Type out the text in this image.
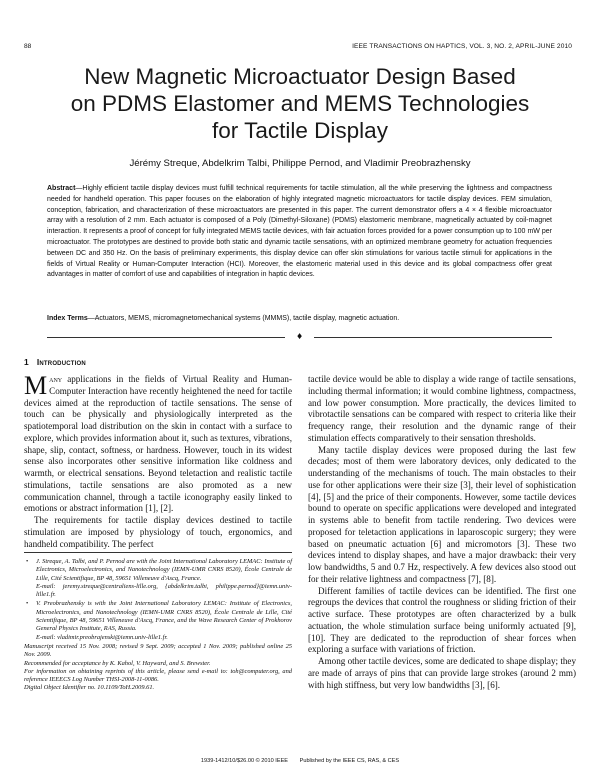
88	IEEE TRANSACTIONS ON HAPTICS, VOL. 3, NO. 2, APRIL-JUNE 2010
New Magnetic Microactuator Design Based
on PDMS Elastomer and MEMS Technologies
for Tactile Display
Jérémy Streque, Abdelkrim Talbi, Philippe Pernod, and Vladimir Preobrazhensky
Abstract—Highly efficient tactile display devices must fulfill technical requirements for tactile stimulation, all the while preserving the lightness and compactness needed for handheld operation. This paper focuses on the elaboration of highly integrated magnetic microactuators for tactile display devices. FEM simulation, conception, fabrication, and characterization of these microactuators are presented in this paper. The current demonstrator offers a 4 × 4 flexible microactuator array with a resolution of 2 mm. Each actuator is composed of a Poly (Dimethyl-Siloxane) (PDMS) elastomeric membrane, magnetically actuated by coil-magnet interaction. It represents a proof of concept for fully integrated MEMS tactile devices, with fair actuation forces provided for a power consumption up to 100 mW per microactuator. The prototypes are destined to provide both static and dynamic tactile sensations, with an optimized membrane geometry for actuation frequencies between DC and 350 Hz. On the basis of preliminary experiments, this display device can offer skin stimulations for various tactile stimuli for applications in the fields of Virtual Reality or Human-Computer Interaction (HCI). Moreover, the elastomeric material used in this device and its global compactness offer great advantages in matter of comfort of use and capabilities of integration in haptic devices.
Index Terms—Actuators, MEMS, micromagnetomechanical systems (MMMS), tactile display, magnetic actuation.
♦
1 Introduction

Many applications in the fields of Virtual Reality and Human-Computer Interaction have recently heightened the need for tactile devices aimed at the reproduction of tactile sensations. The sense of touch can be physically and physiologically interpreted as the spatiotemporal load distribution on the skin in contact with a surface to explore, which provides information about it, such as textures, vibrations, shape, slip, contact, softness, or hardness. However, touch in its widest sense also incorporates other sensitive information like coldness and warmth, or electrical sensations. Beyond teletaction and realistic tactile stimulations, tactile sensations are also promoted as a new communication channel, through a tactile iconography easily linked to emotions or abstract information [1], [2].

The requirements for tactile display devices destined to tactile stimulation are imposed by physiology of touch, ergonomics, and handheld compatibility. The perfect

• J. Streque, A. Talbi, and P. Pernod are with the Joint International Laboratory LEMAC: Institute of Electronics, Microelectronics, and Nanotechnology (IEMN-UMR CNRS 8520), École Centrale de Lille, Cité Scientifique, BP 48, 59651 Villeneuve d'Ascq, France.
E-mail: jeremy.streque@centraliens-lille.org, {abdelkrim.talbi, philippe.pernod}@iemn.univ-lille1.fr.
• V. Preobrazhensky is with the Joint International Laboratory LEMAC: Institute of Electronics, Microelectronics, and Nanotechnology (IEMN-UMR CNRS 8520), École Centrale de Lille, Cité Scientifique, BP 48, 59651 Villeneuve d'Ascq, France, and the Wave Research Center of Prokhorov General Physics Institute, RAS, Russia.
E-mail: vladimir.preobrajenski@iemn.univ-lille1.fr.

Manuscript received 15 Nov. 2008; revised 9 Sept. 2009; accepted 1 Nov. 2009; published online 25 Nov. 2009.

Recommended for acceptance by K. Kahol, V. Hayward, and S. Brewster.

For information on obtaining reprints of this article, please send e-mail to: toh@computer.org, and reference IEEECS Log Number THSI-2008-11-0086.

Digital Object Identifier no. 10.1109/ToH.2009.61.

tactile device would be able to display a wide range of tactile sensations, including thermal information; it would combine lightness, compactness, and low power consumption. More practically, the devices limited to vibrotactile sensations can be compared with respect to criteria like their frequency range, their resolution and the dynamic range of their stimulation effects comparatively to their sensation thresholds.

Many tactile display devices were proposed during the last few decades; most of them were laboratory devices, only dedicated to the understanding of the mechanisms of touch. The main obstacles to their use for other applications were their size [3], their level of sophistication [4], [5] and the price of their components. However, some tactile devices bound to operate on specific applications were developed and integrated in systems able to benefit from tactile rendering. Two devices were proposed for teletaction applications in laparoscopic surgery; they were based on pneumatic actuation [6] and micromotors [3]. These two devices intend to display shapes, and have a major drawback: their very low bandwidths, 5 and 0.7 Hz, respectively. A few devices also stood out for their relative lightness and compactness [7], [8].

Different families of tactile devices can be identified. The first one regroups the devices that control the roughness or sliding friction of their active surface. These prototypes are often characterized by a bulk actuation, the whole stimulation surface being uniformly actuated [9], [10]. They are dedicated to the reproduction of shear forces when exploring a surface with variations of friction.

Among other tactile devices, some are dedicated to shape display; they are made of arrays of pins that can provide large strokes (around 2 mm) with high stiffness, but very low bandwidths [3], [6].

1939-1412/10/$26.00 © 2010 IEEE Published by the IEEE CS, RAS, & CES
